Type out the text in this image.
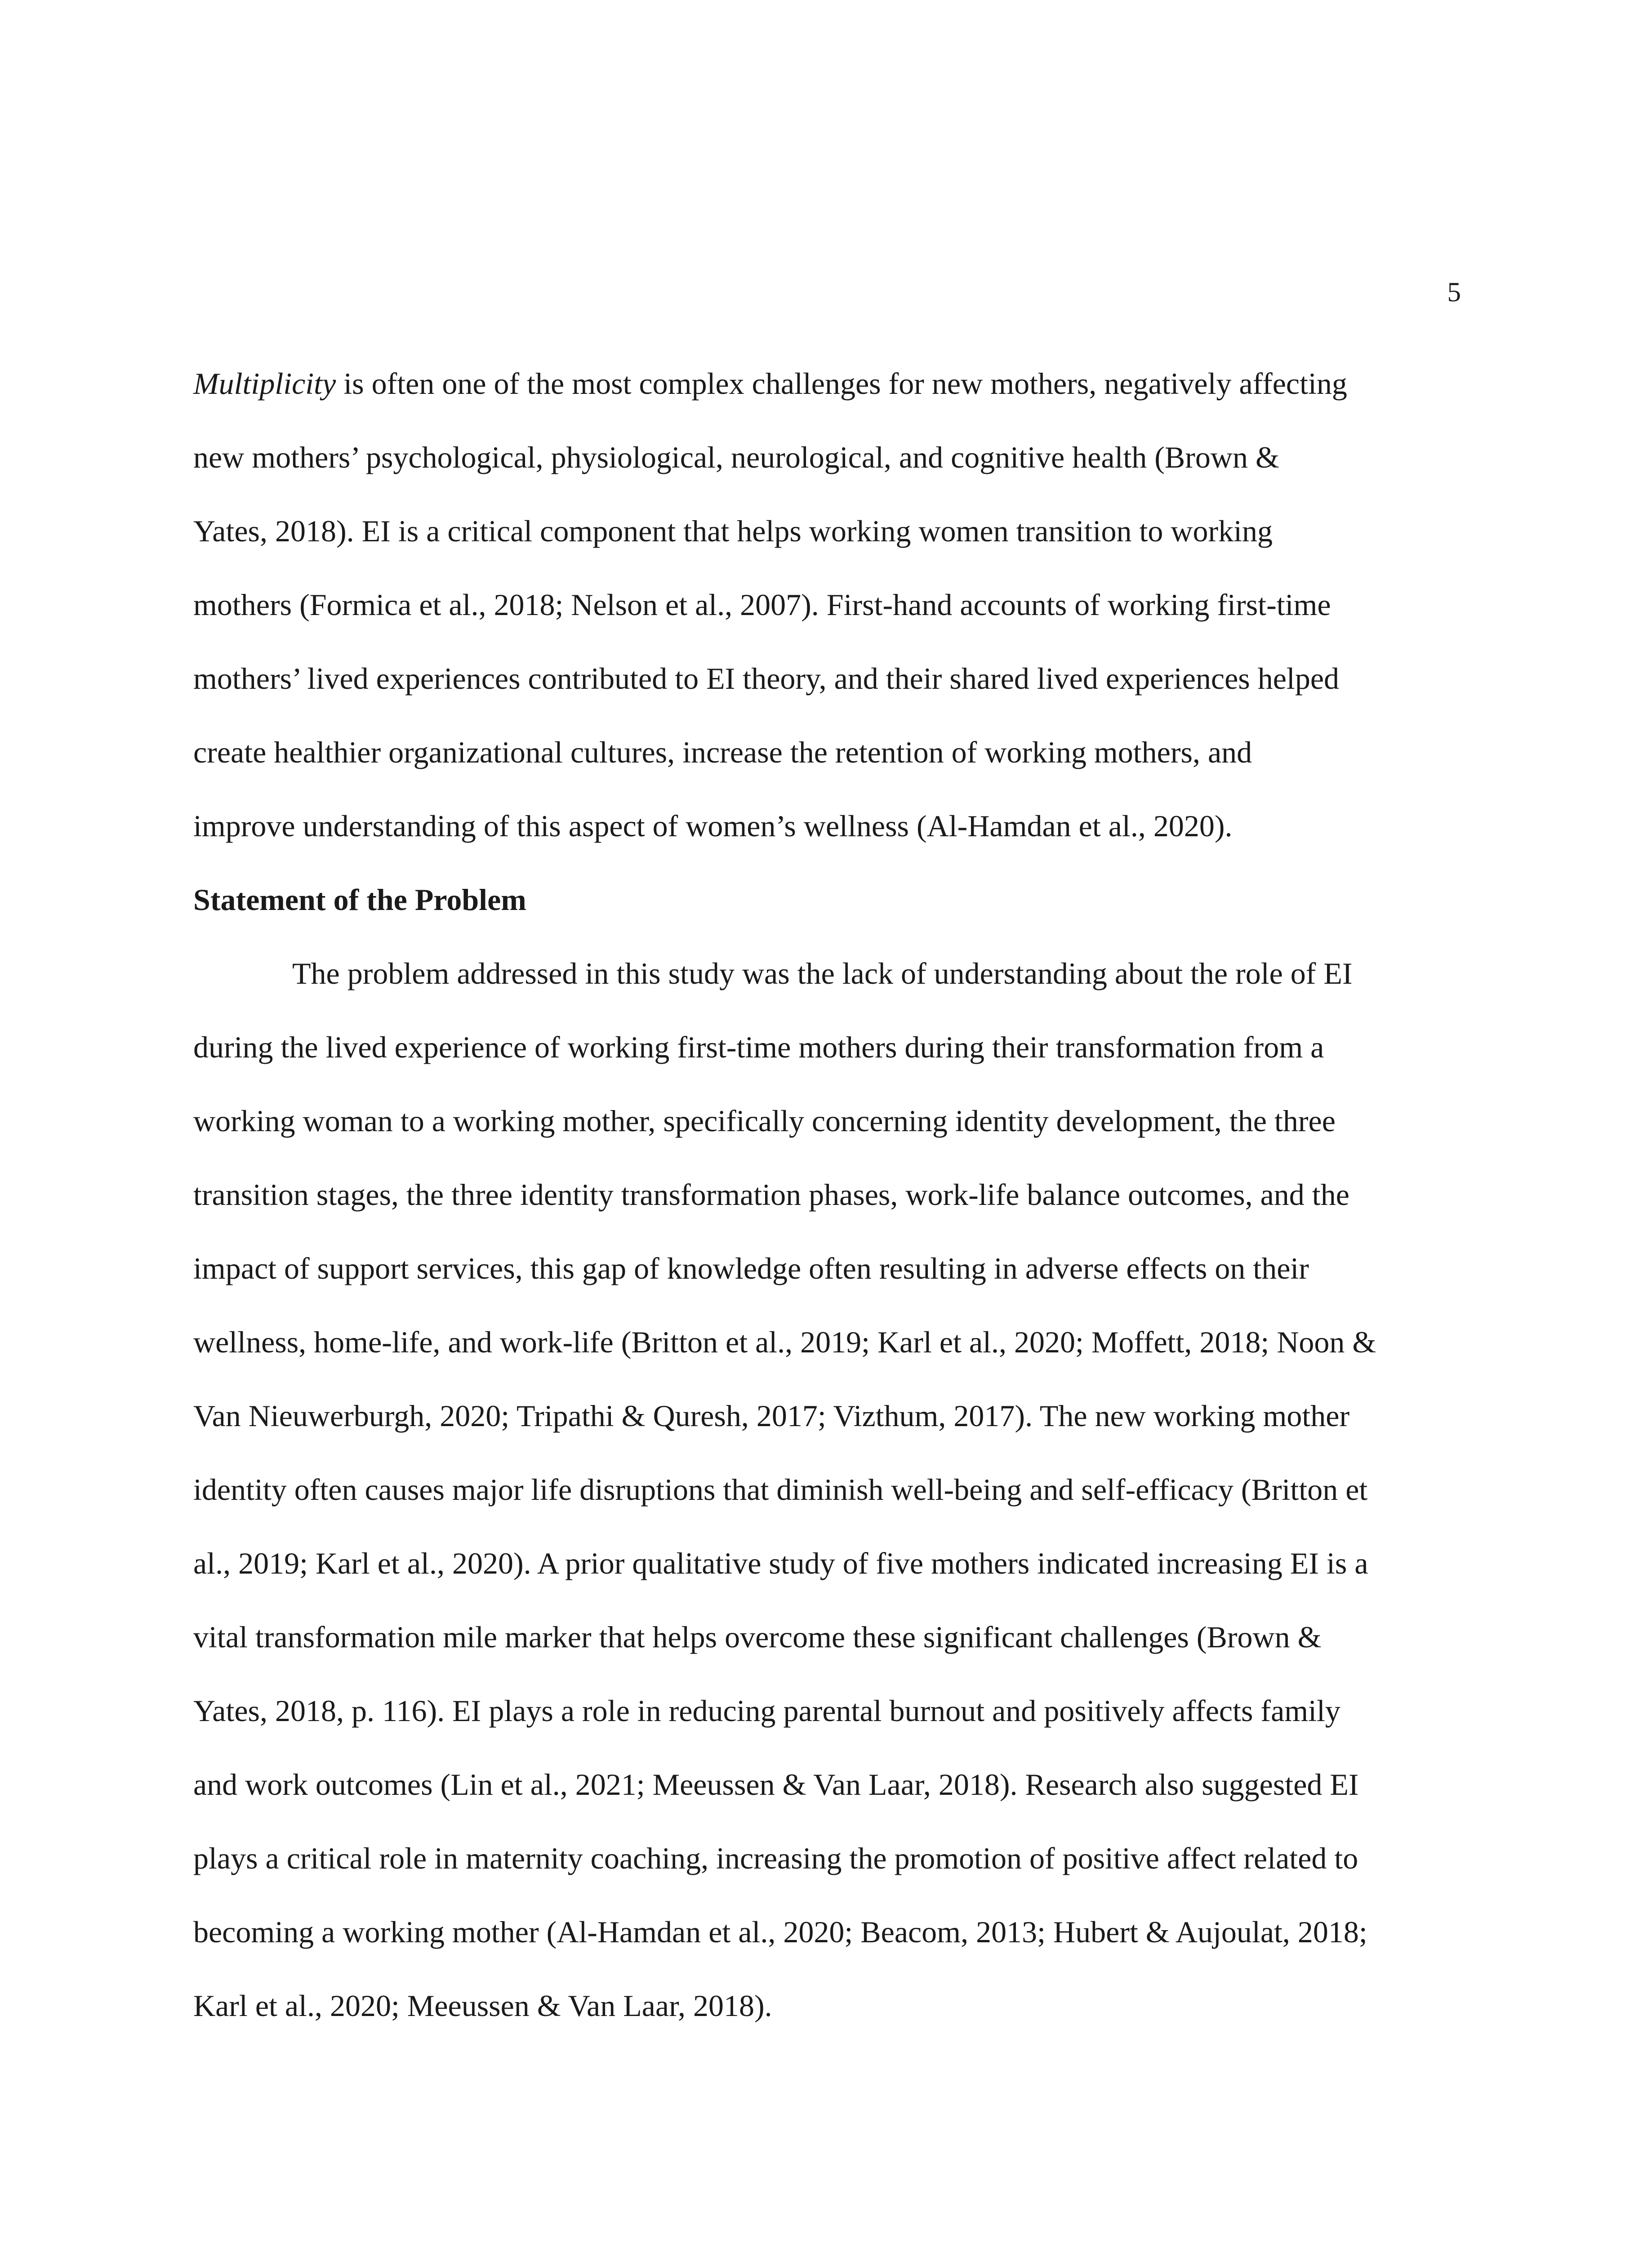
5
Multiplicity is often one of the most complex challenges for new mothers, negatively affecting
new mothers’ psychological, physiological, neurological, and cognitive health (Brown &
Yates, 2018). EI is a critical component that helps working women transition to working
mothers (Formica et al., 2018; Nelson et al., 2007). First-hand accounts of working first-time
mothers’ lived experiences contributed to EI theory, and their shared lived experiences helped
create healthier organizational cultures, increase the retention of working mothers, and
improve understanding of this aspect of women’s wellness (Al-Hamdan et al., 2020).
Statement of the Problem
The problem addressed in this study was the lack of understanding about the role of EI
during the lived experience of working first-time mothers during their transformation from a
working woman to a working mother, specifically concerning identity development, the three
transition stages, the three identity transformation phases, work-life balance outcomes, and the
impact of support services, this gap of knowledge often resulting in adverse effects on their
wellness, home-life, and work-life (Britton et al., 2019; Karl et al., 2020; Moffett, 2018; Noon &
Van Nieuwerburgh, 2020; Tripathi & Quresh, 2017; Vizthum, 2017). The new working mother
identity often causes major life disruptions that diminish well-being and self-efficacy (Britton et
al., 2019; Karl et al., 2020). A prior qualitative study of five mothers indicated increasing EI is a
vital transformation mile marker that helps overcome these significant challenges (Brown &
Yates, 2018, p. 116). EI plays a role in reducing parental burnout and positively affects family
and work outcomes (Lin et al., 2021; Meeussen & Van Laar, 2018). Research also suggested EI
plays a critical role in maternity coaching, increasing the promotion of positive affect related to
becoming a working mother (Al-Hamdan et al., 2020; Beacom, 2013; Hubert & Aujoulat, 2018;
Karl et al., 2020; Meeussen & Van Laar, 2018).
